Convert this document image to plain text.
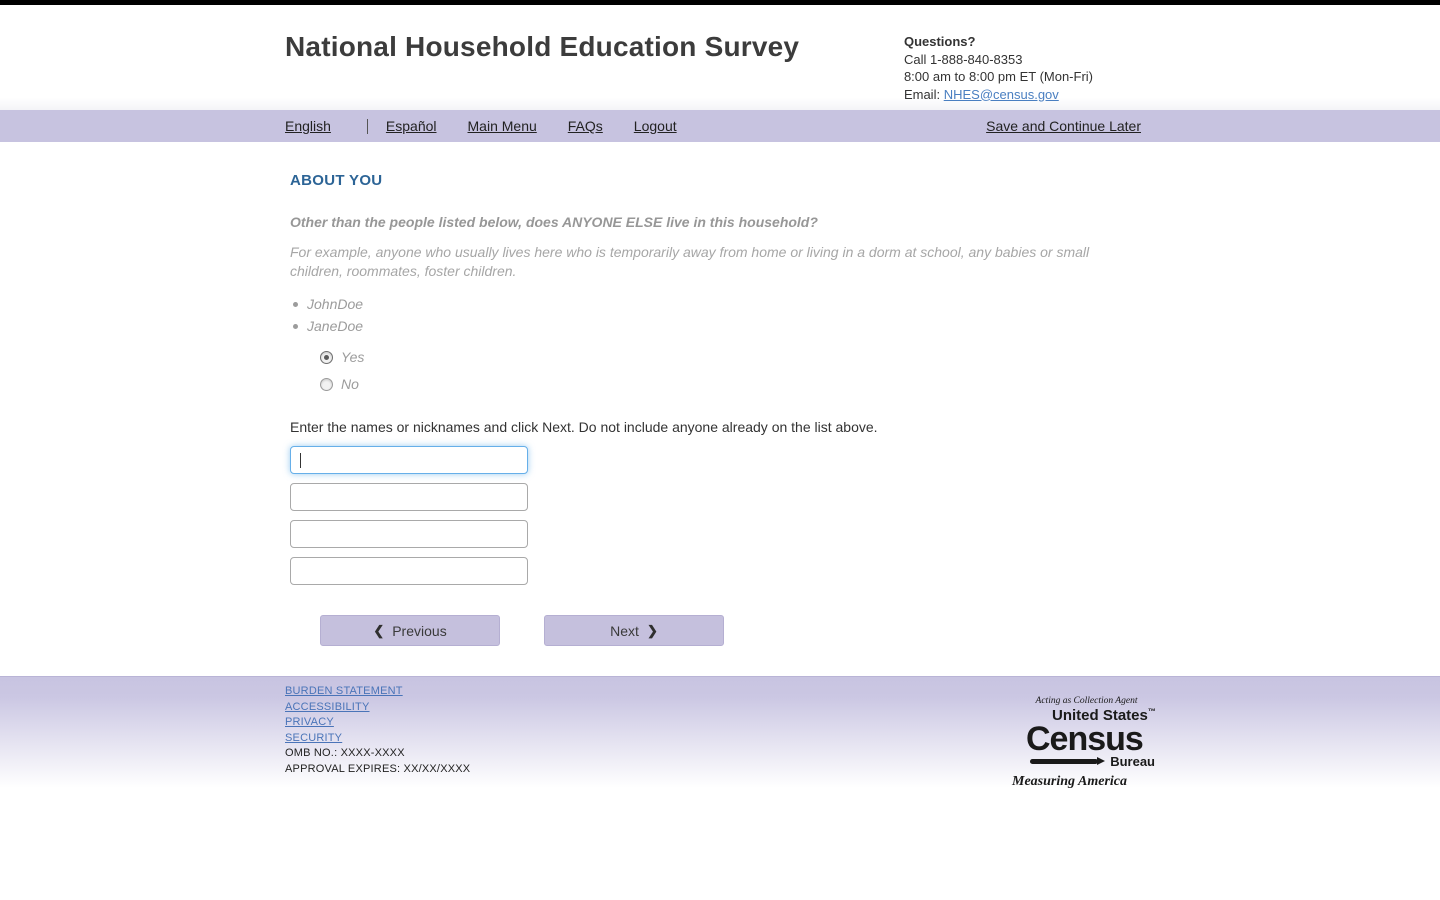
National Household Education Survey	Questions?
Call 1-888-840-8353
8:00 am to 8:00 pm ET (Mon-Fri)
Email: NHES@census.gov
English	Español Main Menu FAQs Logout	Save and Continue Later
ABOUT YOU
Other than the people listed below, does ANYONE ELSE live in this household?
For example, anyone who usually lives here who is temporarily away from home or living in a dorm at school, any babies or small children, roommates, foster children.
JohnDoe
JaneDoe
Yes
No
Enter the names or nicknames and click Next. Do not include anyone already on the list above.
❮ Previous	Next ❯
BURDEN STATEMENT
ACCESSIBILITY
PRIVACY
SECURITY
OMB NO.: XXXX-XXXX
APPROVAL EXPIRES: XX/XX/XXXX
Acting as Collection Agent
United States™
Census
Bureau
Measuring America
